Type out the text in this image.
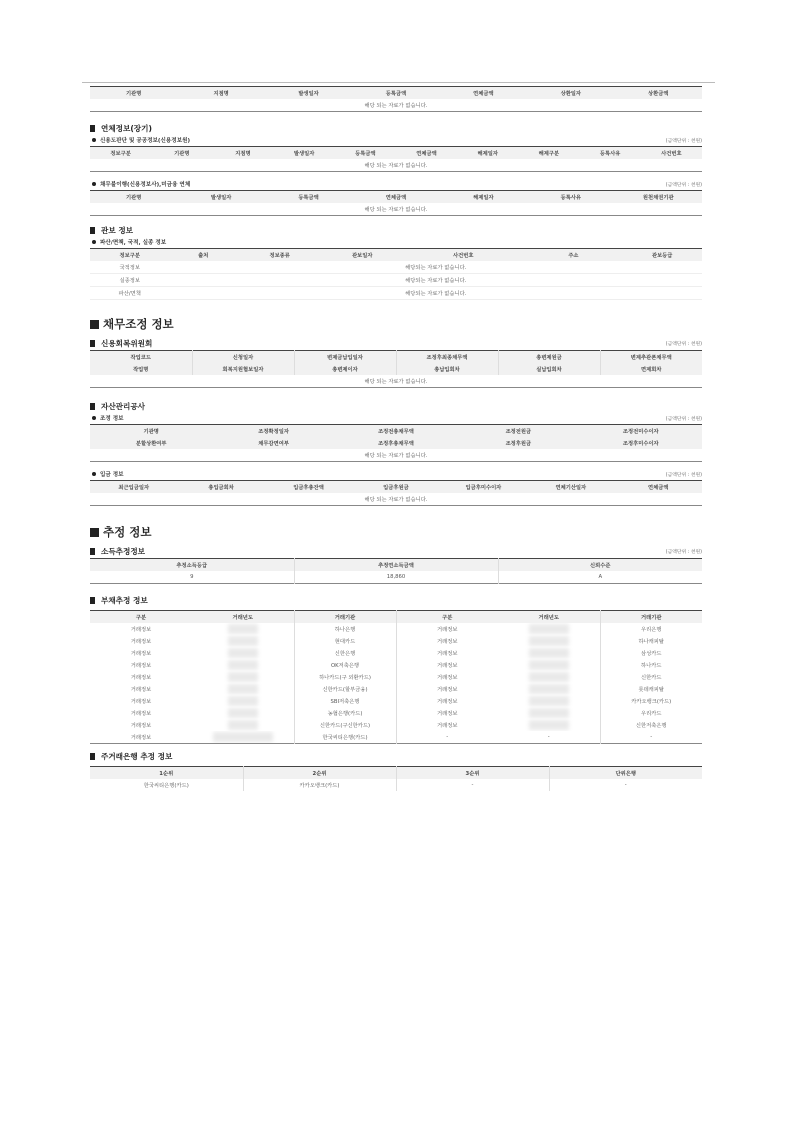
기관명	지점명	발생일자	등록금액	연체금액	상환일자	상환금액
해당 되는 자료가 없습니다.
연체정보(장기)
신용도판단 및 공공정보(신용정보원)	(금액단위 : 천원)
정보구분	기관명	지점명	발생일자	등록금액	연체금액	해제일자	해제구분	등록사유	사건번호
해당 되는 자료가 없습니다.
채무불이행(신용정보사),미금융 연체	(금액단위 : 천원)
기관명	발생일자	등록금액	연체금액	해제일자	등록사유	원천채권기관
해당 되는 자료가 없습니다.
관보 정보
파산/면책, 국적, 실종 정보
정보구분	출처	정보종류	관보일자	사건번호	주소	관보등급
국적정보	해당되는 자료가 없습니다.					
실종정보	해당되는 자료가 없습니다.					
파산/면책	해당되는 자료가 없습니다.					
채무조정 정보
신용회복위원회	(금액단위 : 천원)
작업코드	신청일자	변제금납입일자	조정후최종채무액	총변제원금	변제추관폰채무액
작업명	회복지원협보일자	총변제이자	총납입회차	실납입회차	면제회차
해당 되는 자료가 없습니다.					
자산관리공사
조정 정보	(금액단위 : 천원)
기관명	조정확정일자	조정전총채무액	조정전원금	조정전미수이자
분할상환여부	채무감면여부	조정후총채무액	조정후원금	조정후미수이자
해당 되는 자료가 없습니다.				
입금 정보	(금액단위 : 천원)
최근입금일자	총입금회차	입금후총잔액	입금후원금	입금후미수이자	연체기산일자	연체금액
해당 되는 자료가 없습니다.
추정 정보
소득추정정보	(금액단위 : 천원)
추정소득등급	추정연소득금액	신뢰수준
9	18,860	A
부채추정 정보
구분	거래년도	거래기관	구분	거래년도	거래기관
거래정보		하나은행	거래정보		우리은행
거래정보		현대카드	거래정보		하나캐피탈
거래정보		신한은행	거래정보		삼성카드
거래정보		OK저축은행	거래정보		하나카드
거래정보		하나카드(구 외환카드)	거래정보		신한카드
거래정보		신한카드(할부금융)	거래정보		롯데캐피탈
거래정보		SBI저축은행	거래정보		카카오뱅크(카드)
거래정보		농협은행(카드)	거래정보		우리카드
거래정보		신한카드(구신한카드)	거래정보		신한저축은행
거래정보		한국씨티은행(카드)	-	-	-
주거래은행 추정 정보
1순위	2순위	3순위	단위은행
한국씨티은행(카드)	카카오뱅크(카드)	-	-
